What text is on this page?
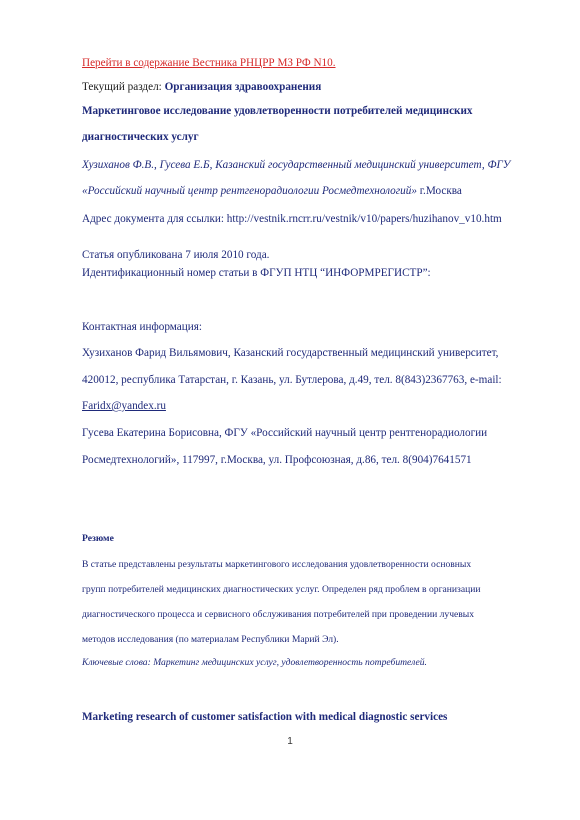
Перейти в содержание Вестника РНЦРР МЗ РФ N10.
Текущий раздел: Организация здравоохранения
Маркетинговое исследование удовлетворенности потребителей медицинских
диагностических услуг
Хузиханов Ф.В., Гусева Е.Б, Казанский государственный медицинский университет, ФГУ
«Российский научный центр рентгенорадиологии Росмедтехнологий» г.Москва
Адрес документа для ссылки: http://vestnik.rncrr.ru/vestnik/v10/papers/huzihanov_v10.htm
Статья опубликована 7 июля 2010 года.
Идентификационный номер статьи в ФГУП НТЦ “ИНФОРМРЕГИСТР”:
Контактная информация:
Хузиханов Фарид Вильямович, Казанский государственный медицинский университет,
420012, республика Татарстан, г. Казань, ул. Бутлерова, д.49, тел. 8(843)2367763, e-mail:
Faridx@yandex.ru
Гусева Екатерина Борисовна, ФГУ «Российский научный центр рентгенорадиологии
Росмедтехнологий», 117997, г.Москва, ул. Профсоюзная, д.86, тел. 8(904)7641571
Резюме
В статье представлены результаты маркетингового исследования удовлетворенности основных
групп потребителей медицинских диагностических услуг. Определен ряд проблем в организации
диагностического процесса и сервисного обслуживания потребителей при проведении лучевых
методов исследования (по материалам Республики Марий Эл).
Ключевые слова: Маркетинг медицинских услуг, удовлетворенность потребителей.
Marketing research of customer satisfaction with medical diagnostic services
1
